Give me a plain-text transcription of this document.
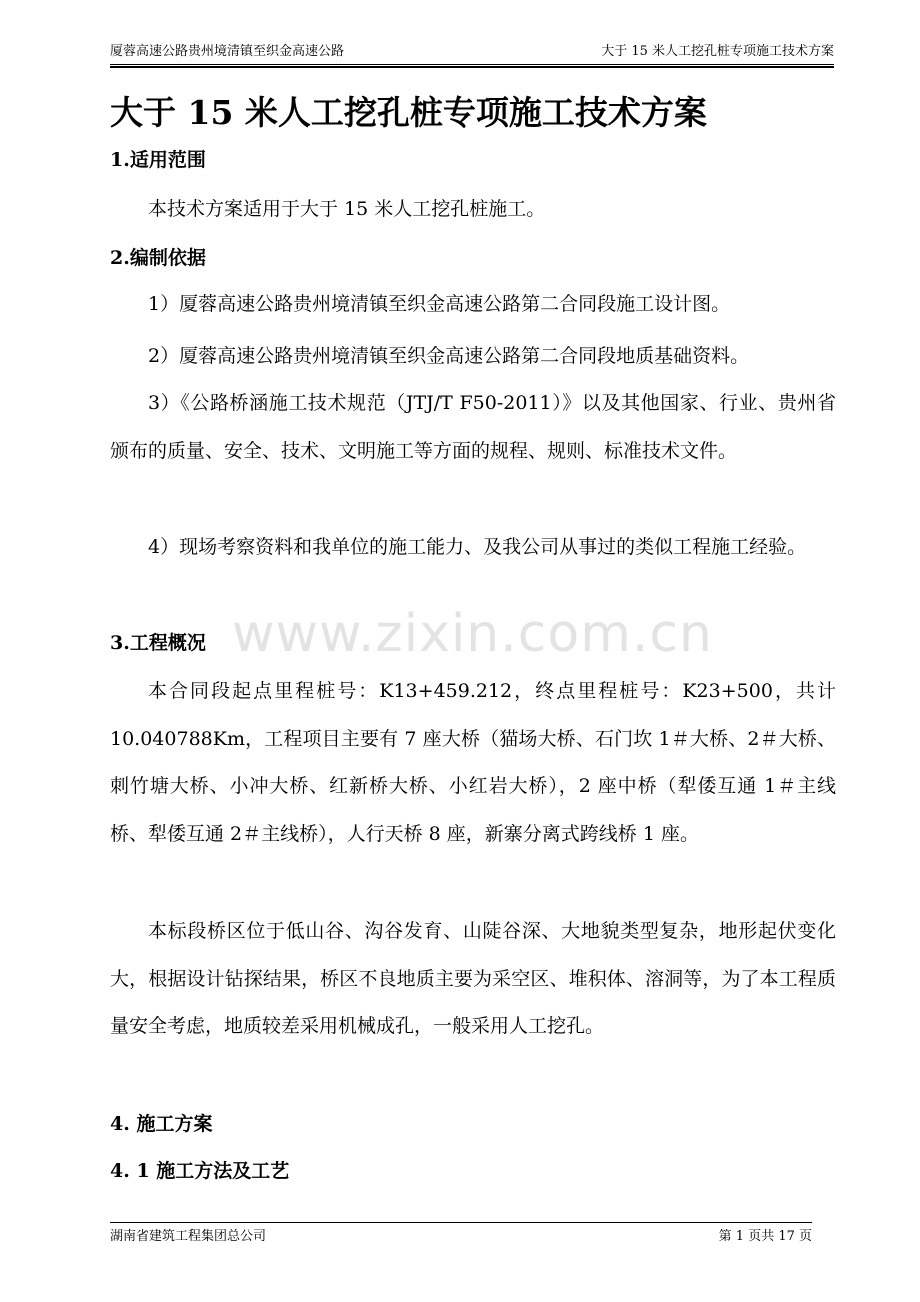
厦蓉高速公路贵州境清镇至织金高速公路	大于 15 米人工挖孔桩专项施工技术方案
大于 15 米人工挖孔桩专项施工技术方案
1.适用范围
本技术方案适用于大于 15 米人工挖孔桩施工。
2.编制依据
1）厦蓉高速公路贵州境清镇至织金高速公路第二合同段施工设计图。
2）厦蓉高速公路贵州境清镇至织金高速公路第二合同段地质基础资料。
3）《公路桥涵施工技术规范（JTJ/T F50-2011）》以及其他国家、行业、贵州省颁布的质量、安全、技术、文明施工等方面的规程、规则、标准技术文件。
4）现场考察资料和我单位的施工能力、及我公司从事过的类似工程施工经验。
www.zixin.com.cn
3.工程概况
本合同段起点里程桩号：K13+459.212，终点里程桩号：K23+500，共计10.040788Km，工程项目主要有 7 座大桥（猫场大桥、石门坎 1＃大桥、2＃大桥、刺竹塘大桥、小冲大桥、红新桥大桥、小红岩大桥），2 座中桥（犁倭互通 1＃主线桥、犁倭互通 2＃主线桥），人行天桥 8 座，新寨分离式跨线桥 1 座。
本标段桥区位于低山谷、沟谷发育、山陡谷深、大地貌类型复杂，地形起伏变化大，根据设计钻探结果，桥区不良地质主要为采空区、堆积体、溶洞等，为了本工程质量安全考虑，地质较差采用机械成孔，一般采用人工挖孔。
4. 施工方案
4. 1 施工方法及工艺
湖南省建筑工程集团总公司	第 1 页共 17 页
